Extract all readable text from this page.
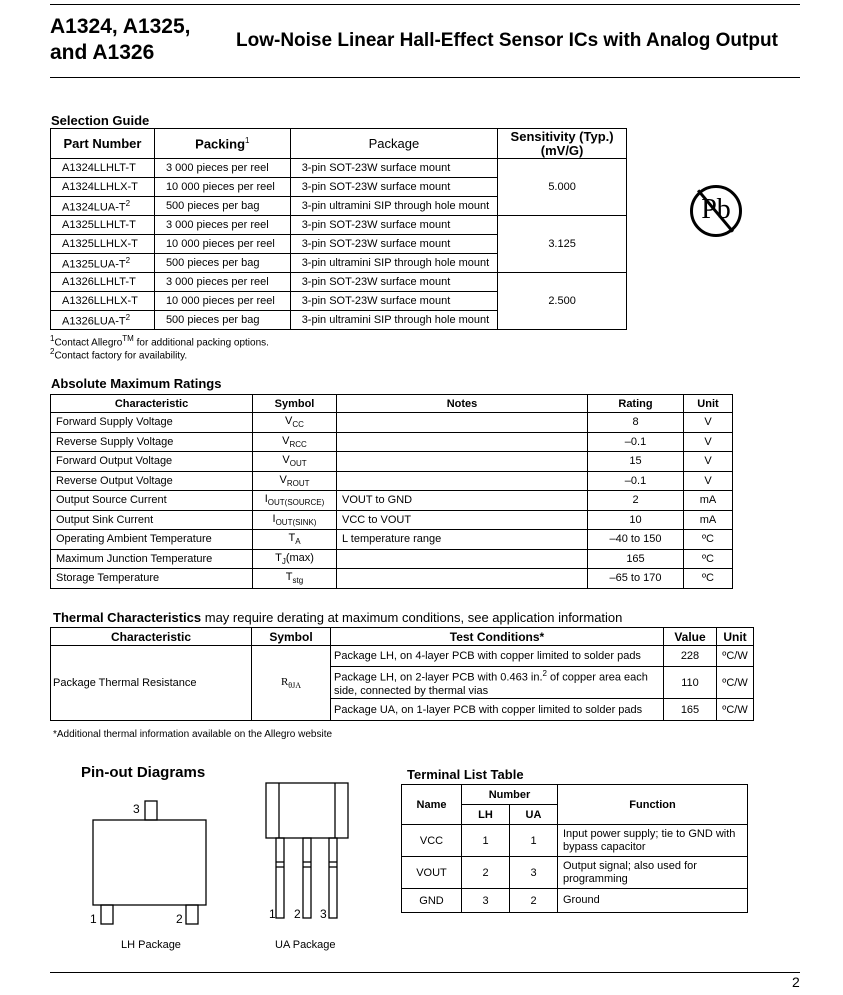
A1324, A1325,
and A1326
Low-Noise Linear Hall-Effect Sensor ICs with Analog Output
Selection Guide
Part Number	Packing$^1$	Package	Sensitivity (Typ.)
(mV/G)
A1324LLHLT-T	3 000 pieces per reel	3-pin SOT-23W surface mount	5.000
A1324LLHLX-T	10 000 pieces per reel	3-pin SOT-23W surface mount	
$A1324LUA-T^2$	500 pieces per bag	3-pin ultramini SIP through hole mount	
A1325LLHLT-T	3 000 pieces per reel	3-pin SOT-23W surface mount	3.125
A1325LLHLX-T	10 000 pieces per reel	3-pin SOT-23W surface mount	
$A1325LUA-T^2$	500 pieces per bag	3-pin ultramini SIP through hole mount	
A1326LLHLT-T	3 000 pieces per reel	3-pin SOT-23W surface mount	2.500
A1326LLHLX-T	10 000 pieces per reel	3-pin SOT-23W surface mount	
$A1326LUA-T^2$	500 pieces per bag	3-pin ultramini SIP through hole mount	
$^1$Contact Allegro™ for additional packing options.
$^2$Contact factory for availability.
Pb
Absolute Maximum Ratings
Characteristic	Symbol	Notes	Rating	Unit
Forward Supply Voltage	$V_{CC}$		8	V
Reverse Supply Voltage	$V_{RCC}$		–0.1	V
Forward Output Voltage	$V_{OUT}$		15	V
Reverse Output Voltage	$V_{ROUT}$		–0.1	V
Output Source Current	$I_{OUT(SOURCE)}$	VOUT to GND	2	mA
Output Sink Current	$I_{OUT(SINK)}$	VCC to VOUT	10	mA
Operating Ambient Temperature	$T_A$	L temperature range	–40 to 150	ºC
Maximum Junction Temperature	$T_J(\max)$		165	ºC
Storage Temperature	$T_{stg}$		–65 to 170	ºC
Thermal Characteristics may require derating at maximum conditions, see application information
Characteristic	Symbol	Test Conditions*	Value	Unit
Package Thermal Resistance	$R_{\theta JA}$	Package LH, on 4-layer PCB with copper limited to solder pads	228	ºC/W
		Package LH, on 2-layer PCB with 0.463 in.$^2$ of copper area each side, connected by thermal vias	110	ºC/W
		Package UA, on 1-layer PCB with copper limited to solder pads	165	ºC/W
*Additional thermal information available on the Allegro website
Pin-out Diagrams
3
1	2	1 2 3
LH Package	UA Package
Terminal List Table
Name	Number		Function
	LH	UA	
VCC	1	1	Input power supply; tie to GND with bypass capacitor
VOUT	2	3	Output signal; also used for programming
GND	3	2	Ground
2
